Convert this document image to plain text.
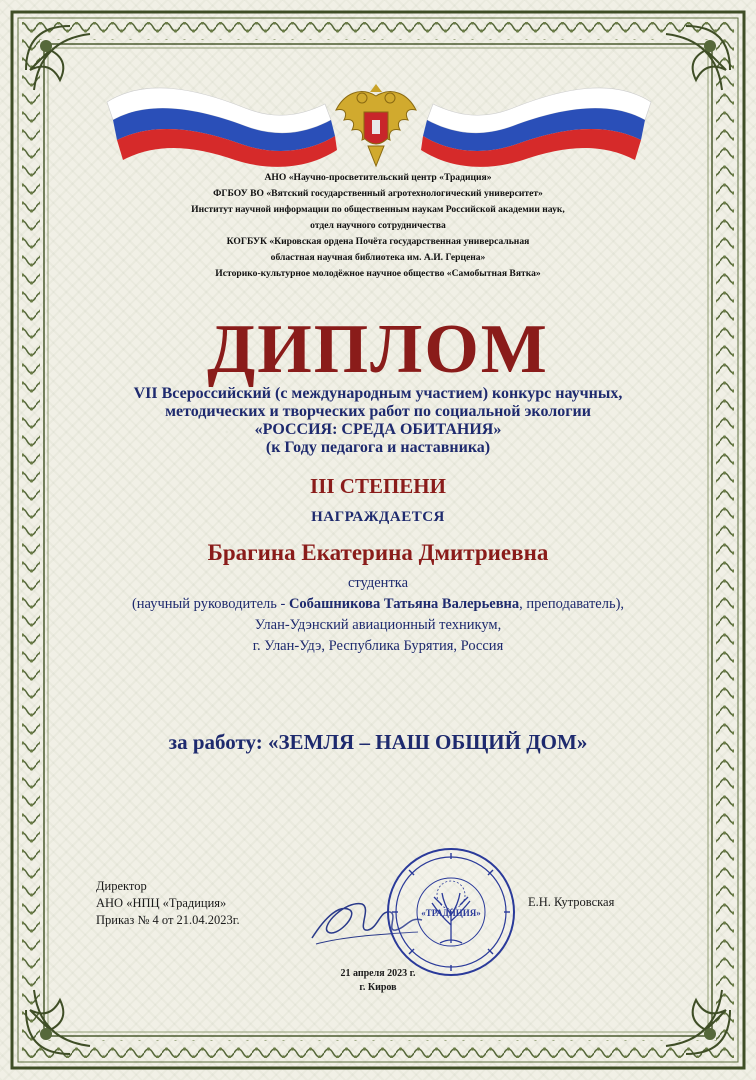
АНО «Научно-просветительский центр «Традиция»
ФГБОУ ВО «Вятский государственный агротехнологический университет»
Институт научной информации по общественным наукам Российской академии наук,
отдел научного сотрудничества
КОГБУК «Кировская ордена Почёта государственная универсальная
областная научная библиотека им. А.И. Герцена»
Историко-культурное молодёжное научное общество «Самобытная Вятка»
ДИПЛОМ
VII Всероссийский (с международным участием) конкурс научных,
методических и творческих работ по социальной экологии
«РОССИЯ: СРЕДА ОБИТАНИЯ»
(к Году педагога и наставника)
III СТЕПЕНИ
НАГРАЖДАЕТСЯ
Брагина Екатерина Дмитриевна
студентка
(научный руководитель - Собашникова Татьяна Валерьевна, преподаватель),
Улан-Удэнский авиационный техникум,
г. Улан-Удэ, Республика Бурятия, Россия
за работу: «ЗЕМЛЯ – НАШ ОБЩИЙ ДОМ»
Директор
АНО «НПЦ «Традиция»
Приказ № 4 от 21.04.2023г.	«ТРАДИЦИЯ»
Е.Н. Кутровская
21 апреля 2023 г.
г. Киров
